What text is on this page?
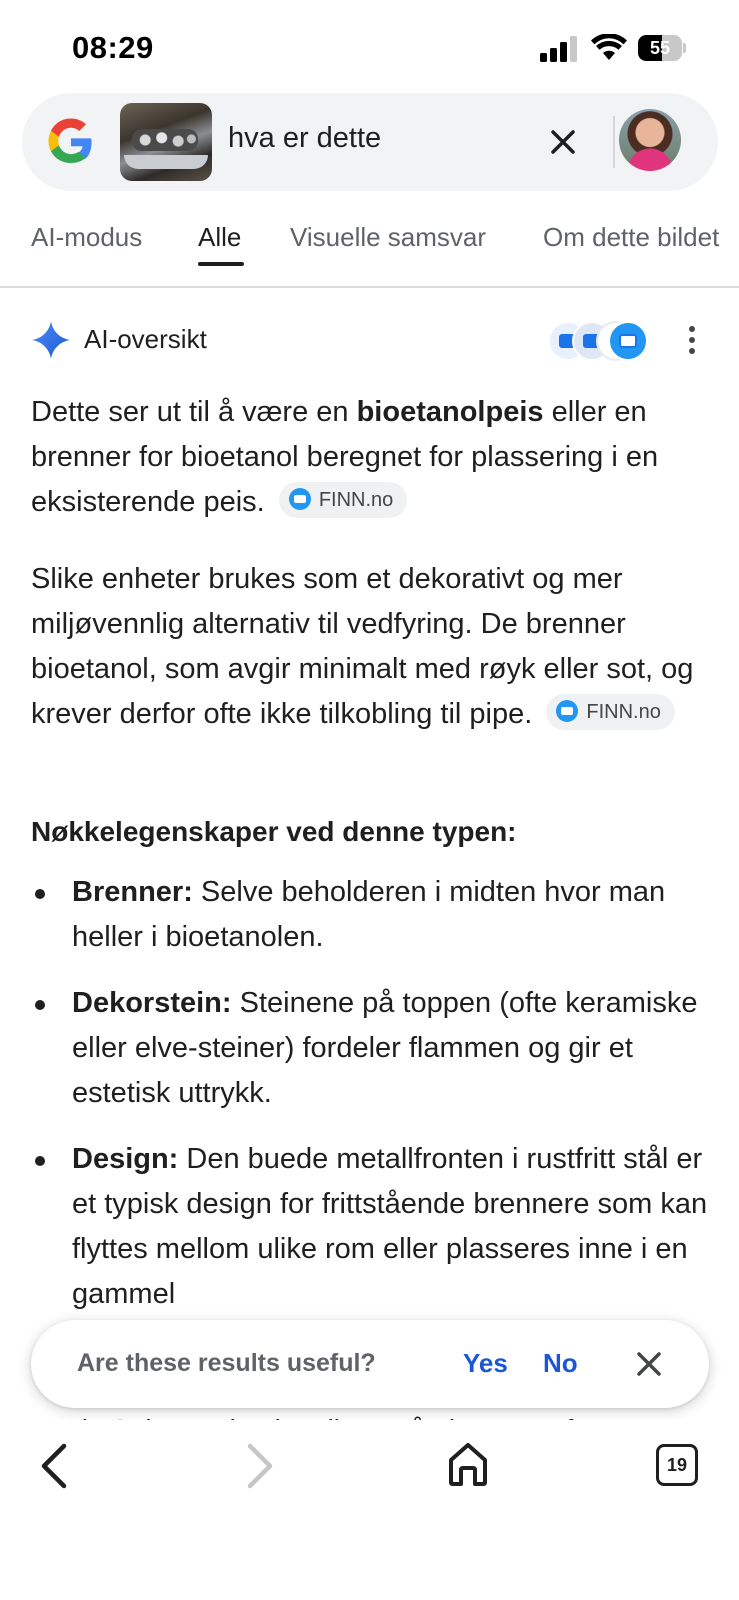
08:29	55
hva er dette
AI-modus Alle Visuelle samsvar Om dette bildet
AI-oversikt
Dette ser ut til å være en bioetanolpeis eller en brenner for bioetanol beregnet for plassering i en eksisterende peis.	FINN.no
Slike enheter brukes som et dekorativt og mer miljøvennlig alternativ til vedfyring. De brenner bioetanol, som avgir minimalt med røyk eller sot, og krever derfor ofte ikke tilkobling til pipe.	FINN.no
Nøkkelegenskaper ved denne typen:
Brenner: Selve beholderen i midten hvor man heller i bioetanolen.
Dekorstein: Steinene på toppen (ofte keramiske eller elve-steiner) fordeler flammen og gir et estetisk uttrykk.
Design: Den buede metallfronten i rustfritt stål er et typisk design for frittstående brennere som kan flyttes mellom ulike rom eller plasseres inne i en gammel
Are these results useful?	Yes No
19
